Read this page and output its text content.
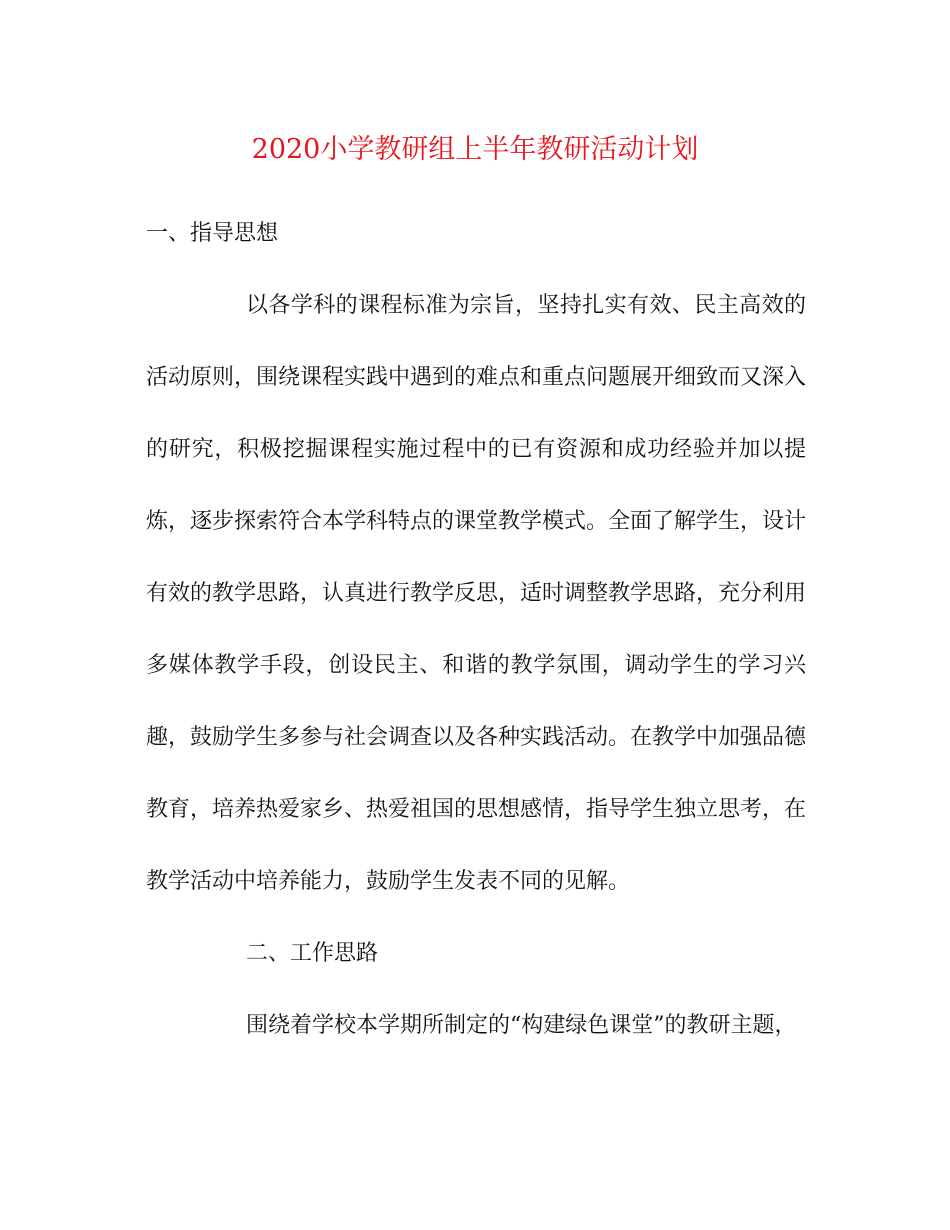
2020小学教研组上半年教研活动计划
一、指导思想
以各学科的课程标准为宗旨，坚持扎实有效、民主高效的
活动原则，围绕课程实践中遇到的难点和重点问题展开细致而又深入
的研究，积极挖掘课程实施过程中的已有资源和成功经验并加以提
炼，逐步探索符合本学科特点的课堂教学模式。全面了解学生，设计
有效的教学思路，认真进行教学反思，适时调整教学思路，充分利用
多媒体教学手段，创设民主、和谐的教学氛围，调动学生的学习兴
趣，鼓励学生多参与社会调查以及各种实践活动。在教学中加强品德
教育，培养热爱家乡、热爱祖国的思想感情，指导学生独立思考，在
教学活动中培养能力，鼓励学生发表不同的见解。
二、工作思路
围绕着学校本学期所制定的“构建绿色课堂”的教研主题，
